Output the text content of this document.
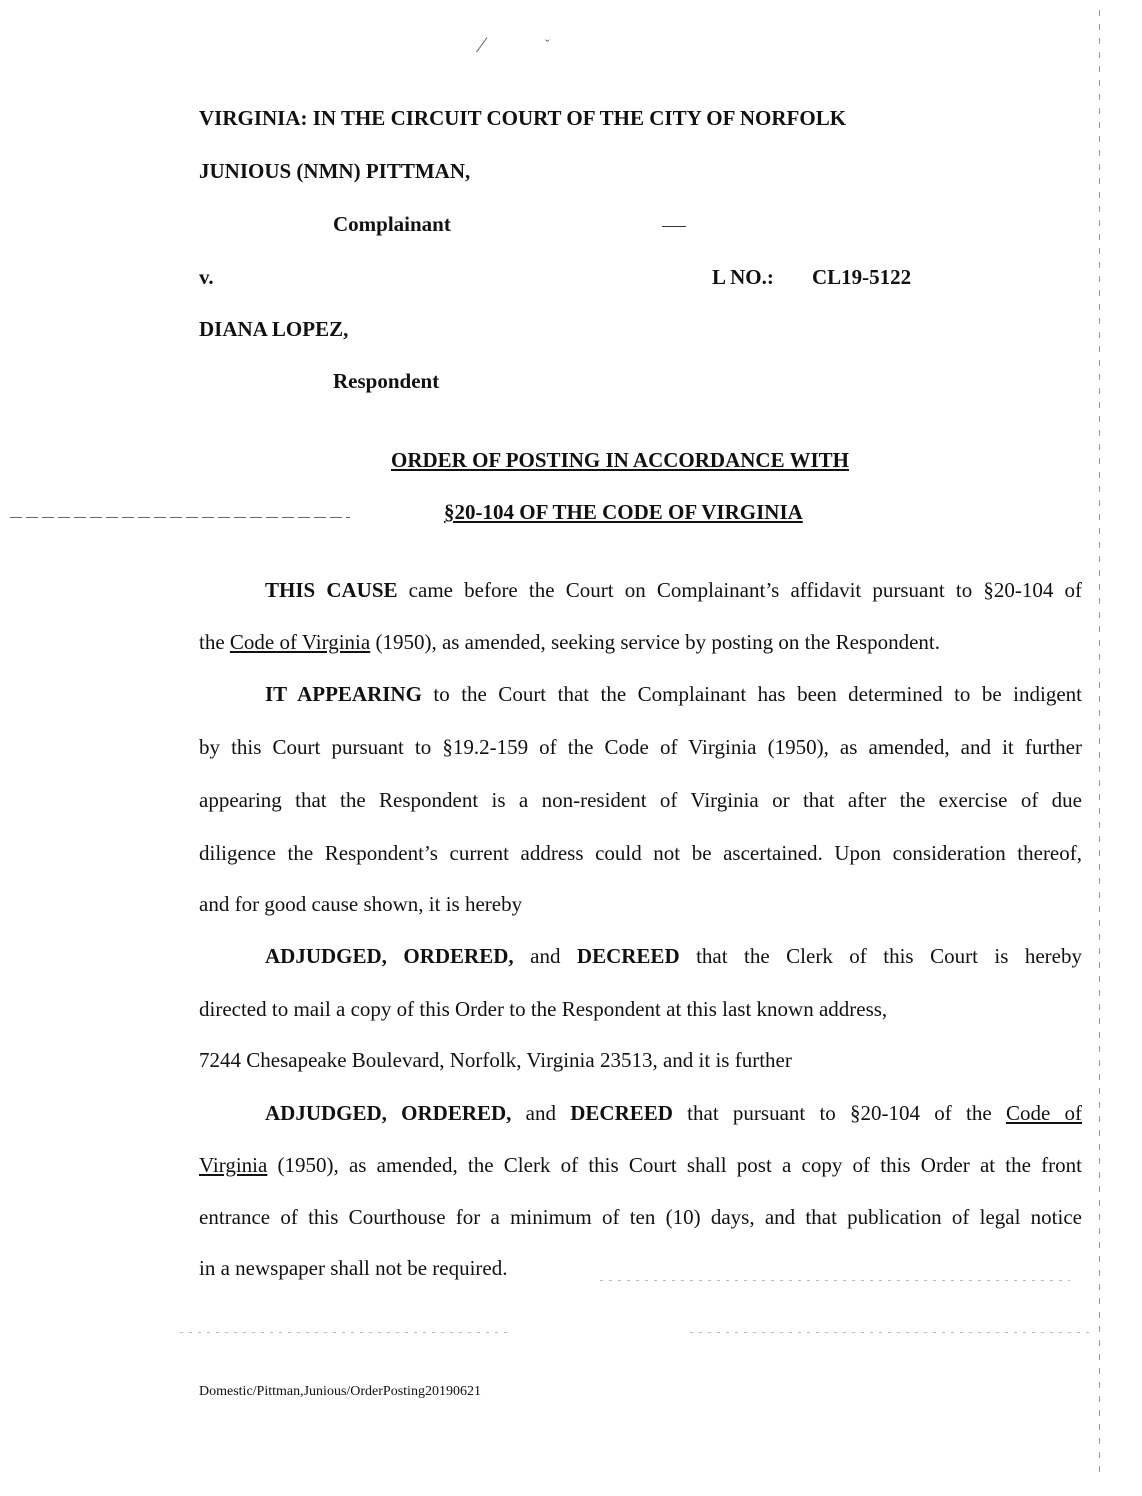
⁄	ˇ
VIRGINIA: IN THE CIRCUIT COURT OF THE CITY OF NORFOLK
JUNIOUS (NMN) PITTMAN,
Complainant
v.	L NO.: CL19-5122
DIANA LOPEZ,
Respondent
ORDER OF POSTING IN ACCORDANCE WITH
§20-104 OF THE CODE OF VIRGINIA
THIS CAUSE came before the Court on Complainant’s affidavit pursuant to §20-104 of
the Code of Virginia (1950), as amended, seeking service by posting on the Respondent.
IT APPEARING to the Court that the Complainant has been determined to be indigent
by this Court pursuant to §19.2-159 of the Code of Virginia (1950), as amended, and it further
appearing that the Respondent is a non-resident of Virginia or that after the exercise of due
diligence the Respondent’s current address could not be ascertained. Upon consideration thereof,
and for good cause shown, it is hereby
ADJUDGED, ORDERED, and DECREED that the Clerk of this Court is hereby
directed to mail a copy of this Order to the Respondent at this last known address,
7244 Chesapeake Boulevard, Norfolk, Virginia 23513, and it is further
ADJUDGED, ORDERED, and DECREED that pursuant to §20-104 of the Code of
Virginia (1950), as amended, the Clerk of this Court shall post a copy of this Order at the front
entrance of this Courthouse for a minimum of ten (10) days, and that publication of legal notice
in a newspaper shall not be required.
Domestic/Pittman,Junious/OrderPosting20190621
